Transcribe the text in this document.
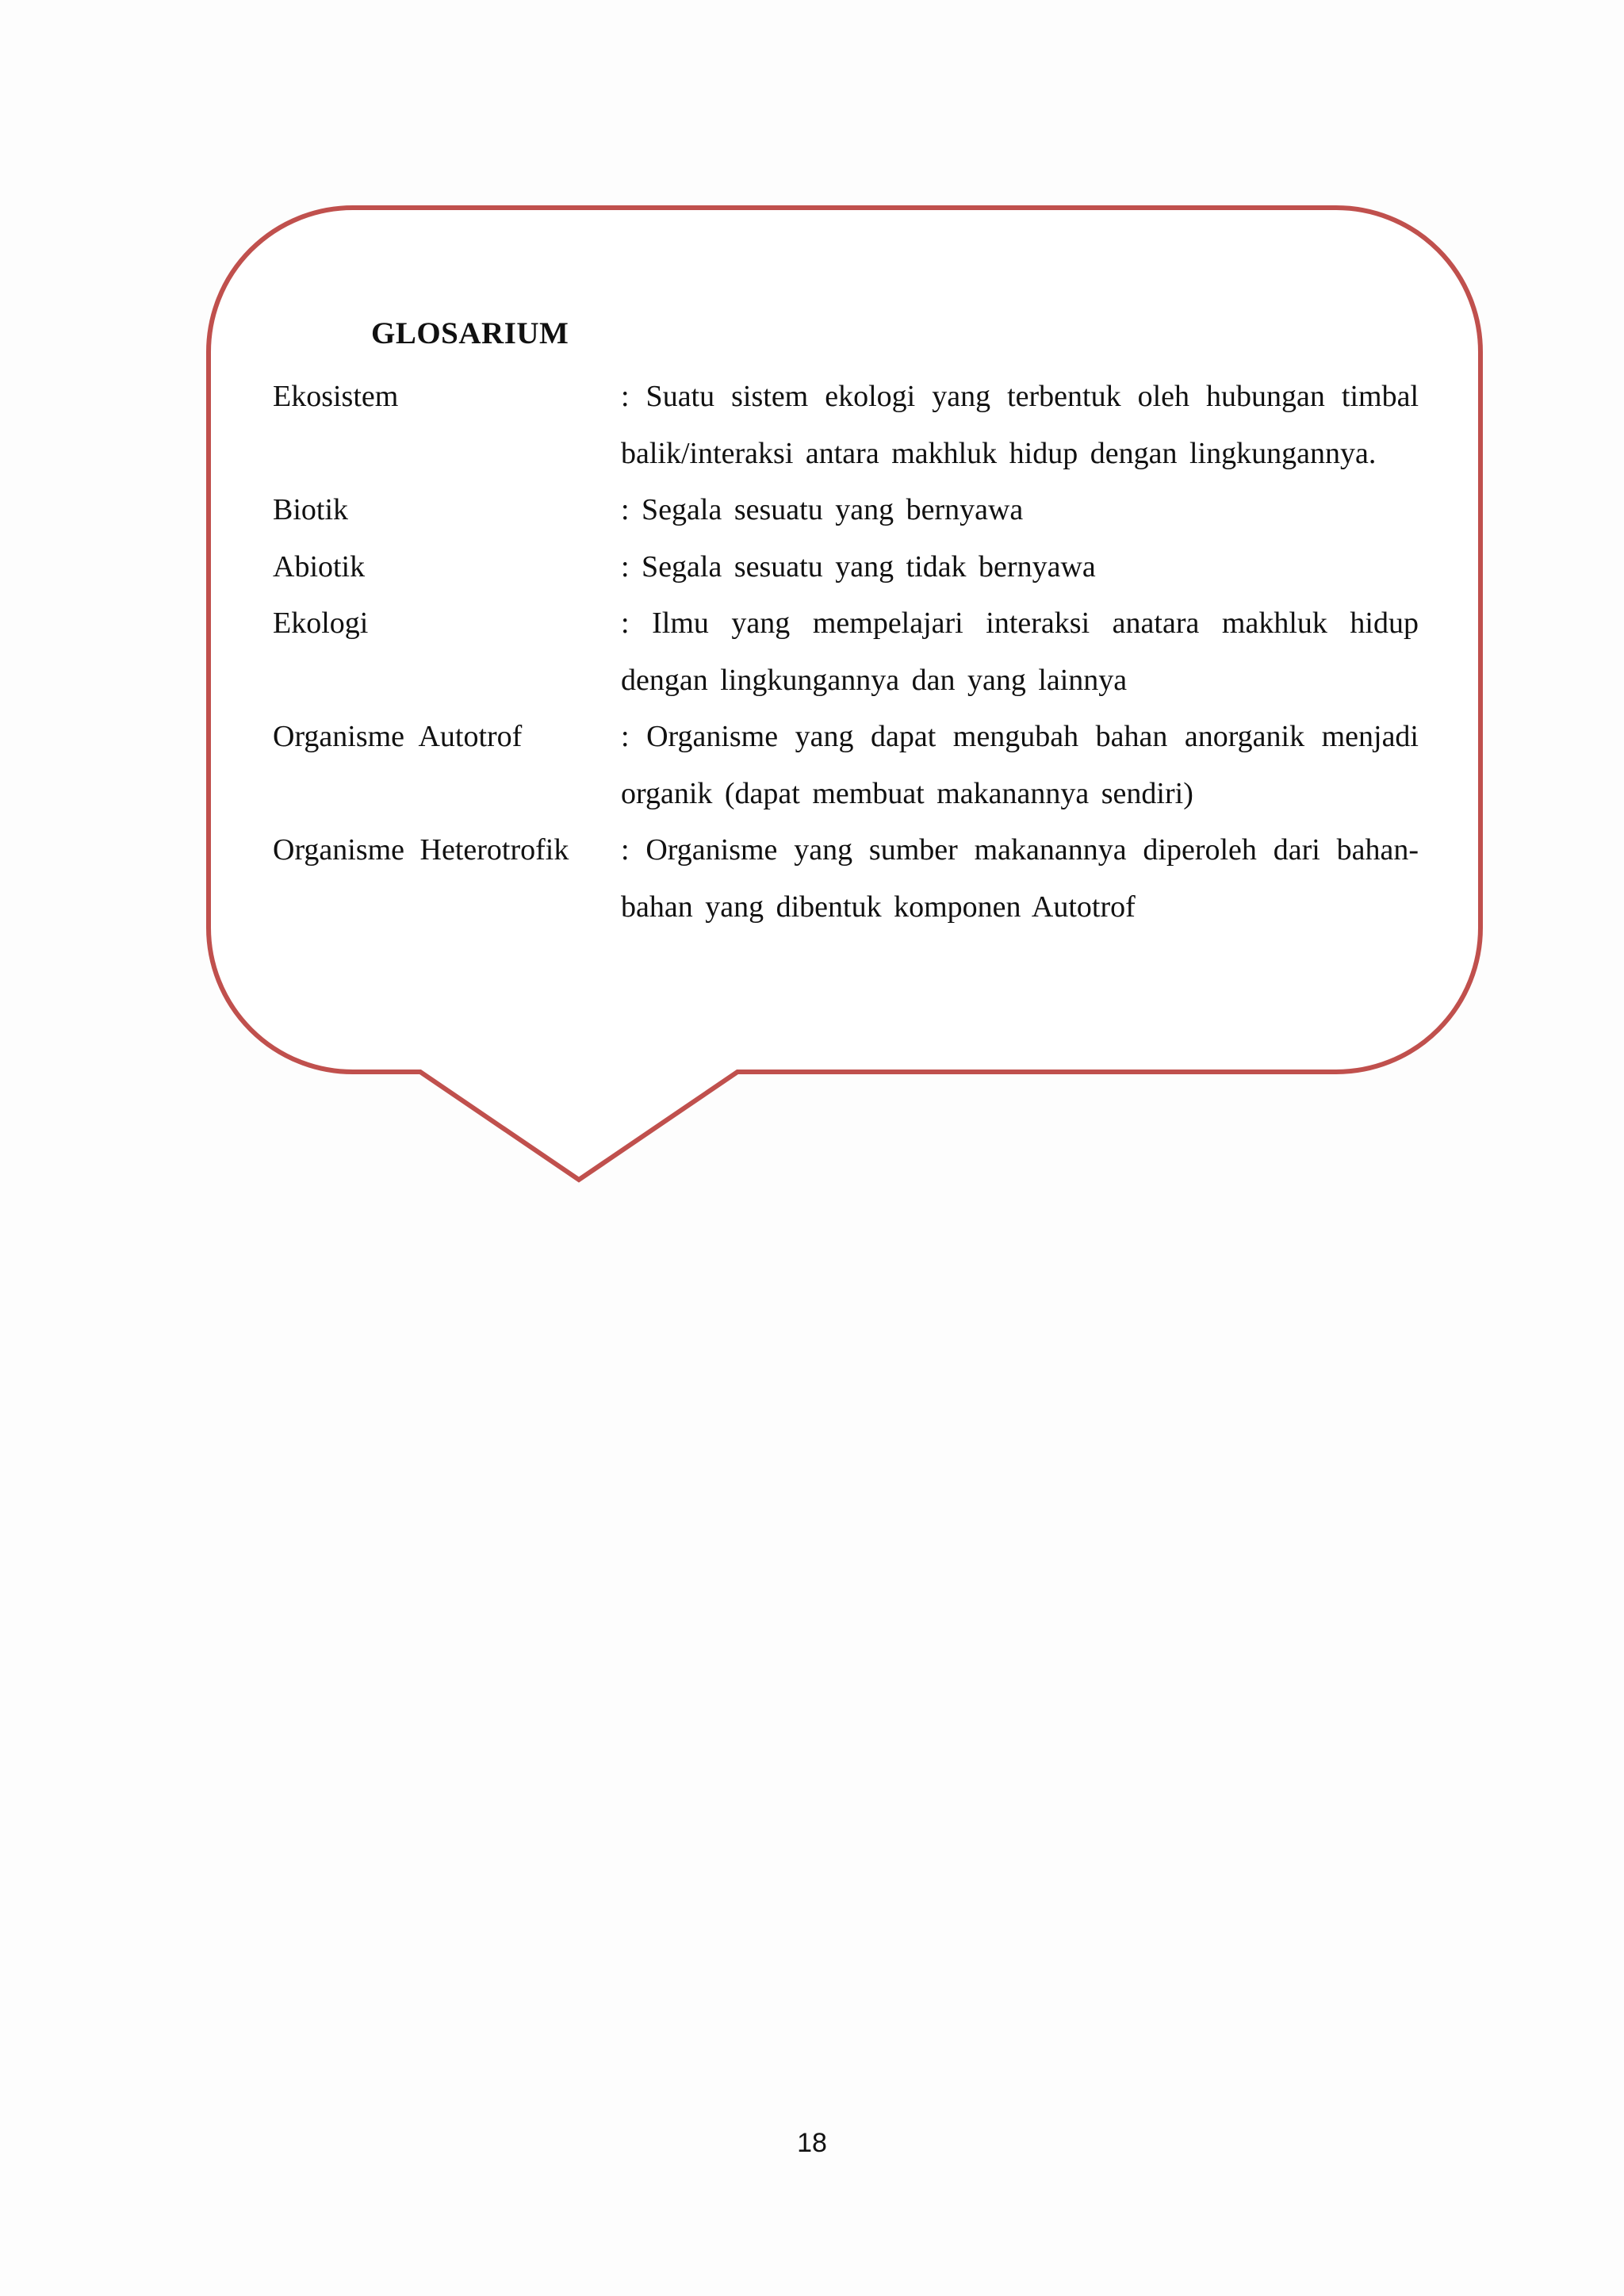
GLOSARIUM
Ekosistem	: Suatu sistem ekologi yang terbentuk oleh hubungan timbal balik/interaksi antara makhluk hidup dengan lingkungannya.
Biotik	: Segala sesuatu yang bernyawa
Abiotik	: Segala sesuatu yang tidak bernyawa
Ekologi	: Ilmu yang mempelajari interaksi anatara makhluk hidup dengan lingkungannya dan yang lainnya
Organisme Autotrof	: Organisme yang dapat mengubah bahan anorganik menjadi organik (dapat membuat makanannya sendiri)
Organisme Heterotrofik	: Organisme yang sumber makanannya diperoleh dari bahan-bahan yang dibentuk komponen Autotrof
18
